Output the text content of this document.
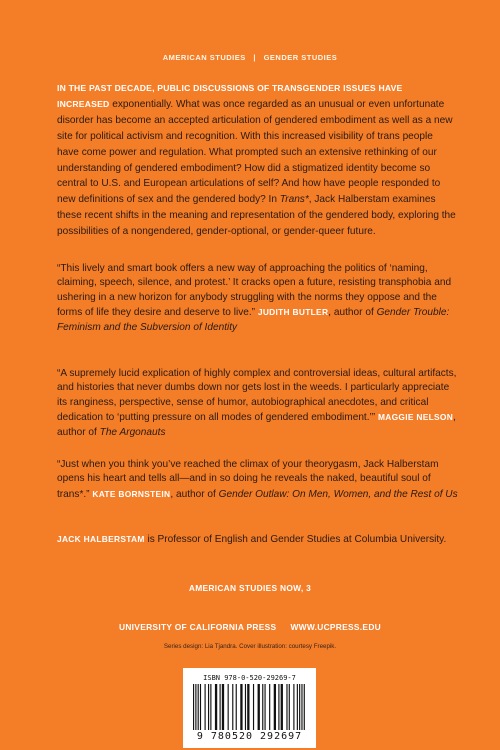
AMERICAN STUDIES | GENDER STUDIES
IN THE PAST DECADE, PUBLIC DISCUSSIONS OF TRANSGENDER ISSUES HAVE INCREASED exponentially. What was once regarded as an unusual or even unfortunate disorder has become an accepted articulation of gendered embodiment as well as a new site for political activism and recognition. With this increased visibility of trans people have come power and regulation. What prompted such an extensive rethinking of our understanding of gendered embodiment? How did a stigmatized identity become so central to U.S. and European articulations of self? And how have people responded to new definitions of sex and the gendered body? In Trans*, Jack Halberstam examines these recent shifts in the meaning and representation of the gendered body, exploring the possibilities of a nongendered, gender-optional, or gender-queer future.
“This lively and smart book offers a new way of approaching the politics of ‘naming, claiming, speech, silence, and protest.’ It cracks open a future, resisting transphobia and ushering in a new horizon for anybody struggling with the norms they oppose and the forms of life they desire and deserve to live.” JUDITH BUTLER, author of Gender Trouble: Feminism and the Subversion of Identity
“A supremely lucid explication of highly complex and controversial ideas, cultural artifacts, and histories that never dumbs down nor gets lost in the weeds. I particularly appreciate its ranginess, perspective, sense of humor, autobiographical anecdotes, and critical dedication to ‘putting pressure on all modes of gendered embodiment.’” MAGGIE NELSON, author of The Argonauts
“Just when you think you’ve reached the climax of your theorygasm, Jack Halberstam opens his heart and tells all—and in so doing he reveals the naked, beautiful soul of trans*.” KATE BORNSTEIN, author of Gender Outlaw: On Men, Women, and the Rest of Us
JACK HALBERSTAM is Professor of English and Gender Studies at Columbia University.
AMERICAN STUDIES NOW, 3
UNIVERSITY OF CALIFORNIA PRESS WWW.UCPRESS.EDU
Series design: Lia Tjandra. Cover illustration: courtesy Freepik.
ISBN 978-0-520-29269-7
9 780520 292697
